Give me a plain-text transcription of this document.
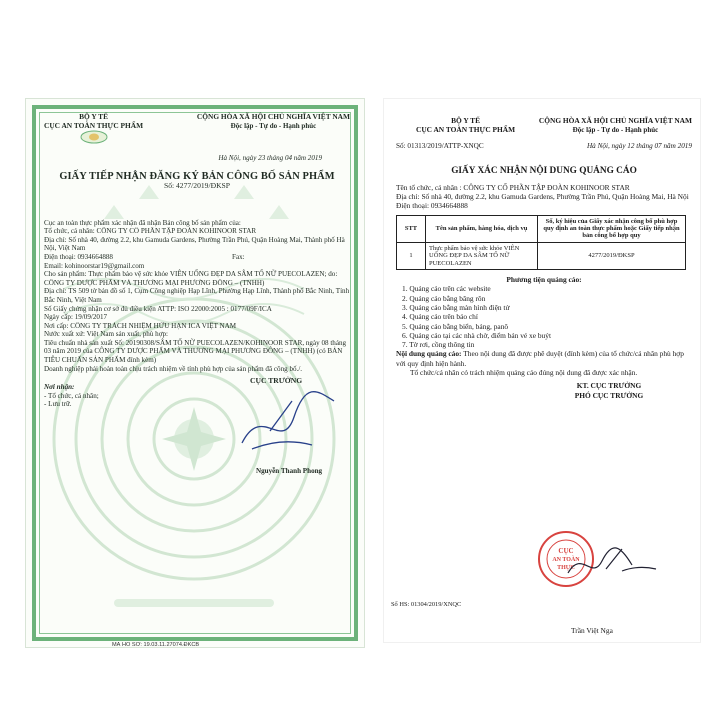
BỘ Y TẾ
CỤC AN TOÀN THỰC PHẨM
CỘNG HÒA XÃ HỘI CHỦ NGHĨA VIỆT NAM
Độc lập - Tự do - Hạnh phúc
Hà Nội, ngày 23 tháng 04 năm 2019
GIẤY TIẾP NHẬN ĐĂNG KÝ BẢN CÔNG BỐ SẢN PHẨM
Số: 4277/2019/ĐKSP
Cục an toàn thực phẩm xác nhận đã nhận Bản công bố sản phẩm của:
Tổ chức, cá nhân: CÔNG TY CỔ PHẦN TẬP ĐOÀN KOHINOOR STAR
Địa chỉ: Số nhà 40, đường 2.2, khu Gamuda Gardens, Phường Trần Phú, Quận Hoàng Mai, Thành phố Hà Nội, Việt Nam
Điện thoại: 0934664888	Fax:
Email: kohinoorstar19@gmail.com
Cho sản phẩm: Thực phẩm bảo vệ sức khỏe VIÊN UỐNG ĐẸP DA SÂM TỐ NỮ PUECOLAZEN; do:
CÔNG TY DƯỢC PHẨM VÀ THƯƠNG MẠI PHƯƠNG ĐÔNG – (TNHH)
Địa chỉ: TS 509 tờ bản đồ số 1, Cụm Công nghiệp Hạp Lĩnh, Phường Hạp Lĩnh, Thành phố Bắc Ninh, Tỉnh Bắc Ninh, Việt Nam
Số Giấy chứng nhận cơ sở đủ điều kiện ATTP: ISO 22000:2005 : 0177/09F/ICA
Ngày cấp: 19/09/2017
Nơi cấp: CÔNG TY TRÁCH NHIỆM HỮU HẠN ICA VIỆT NAM
Nước xuất xứ: Việt Nam sản xuất, phù hợp:
Tiêu chuẩn nhà sản xuất Số: 20190308/SÂM TỐ NỮ PUECOLAZEN/KOHINOOR STAR, ngày 08 tháng 03 năm 2019 của CÔNG TY DƯỢC PHẨM VÀ THƯƠNG MẠI PHƯƠNG ĐÔNG – (TNHH) (có BẢN TIÊU CHUẨN SẢN PHẨM đính kèm)
Doanh nghiệp phải hoàn toàn chịu trách nhiệm về tính phù hợp của sản phẩm đã công bố./.
Nơi nhận:
- Tổ chức, cá nhân;
- Lưu trữ.
CỤC TRƯỞNG
Nguyễn Thanh Phong
MÃ HỒ SƠ: 19.03.11.27074.ĐKCB
BỘ Y TẾ
CỤC AN TOÀN THỰC PHẨM
CỘNG HÒA XÃ HỘI CHỦ NGHĨA VIỆT NAM
Độc lập - Tự do - Hạnh phúc
Số: 01313/2019/ATTP-XNQC	Hà Nội, ngày 12 tháng 07 năm 2019
GIẤY XÁC NHẬN NỘI DUNG QUẢNG CÁO
Tên tổ chức, cá nhân : CÔNG TY CỔ PHẦN TẬP ĐOÀN KOHINOOR STAR
Địa chỉ: Số nhà 40, đường 2.2, khu Gamuda Gardens, Phường Trần Phú, Quận Hoàng Mai, Hà Nội
Điện thoại: 0934664888
STT	Tên sản phẩm, hàng hóa, dịch vụ	Số, ký hiệu của Giấy xác nhận công bố phù hợp quy định an toàn thực phẩm hoặc Giấy tiếp nhận bản công bố hợp quy
1	Thực phẩm bảo vệ sức khỏe VIÊN UỐNG ĐẸP DA SÂM TỐ NỮ PUECOLAZEN	4277/2019/ĐKSP
Phương tiện quảng cáo:
1. Quảng cáo trên các website
2. Quảng cáo bằng băng rôn
3. Quảng cáo bằng màn hình điện tử
4. Quảng cáo trên báo chí
5. Quảng cáo bằng biển, bảng, panô
6. Quảng cáo tại các nhà chờ, điểm bán vé xe buýt
7. Tờ rơi, cồng thông tin
Nội dung quảng cáo: Theo nội dung đã được phê duyệt (đính kèm) của tổ chức/cá nhân phù hợp với quy định hiện hành.
Tổ chức/cá nhân có trách nhiệm quảng cáo đúng nội dung đã được xác nhận.
KT. CỤC TRƯỞNG
PHÓ CỤC TRƯỞNG
CỤC
AN TOÀN
THỰC
Trần Việt Nga
Số HS: 01304/2019/XNQC
